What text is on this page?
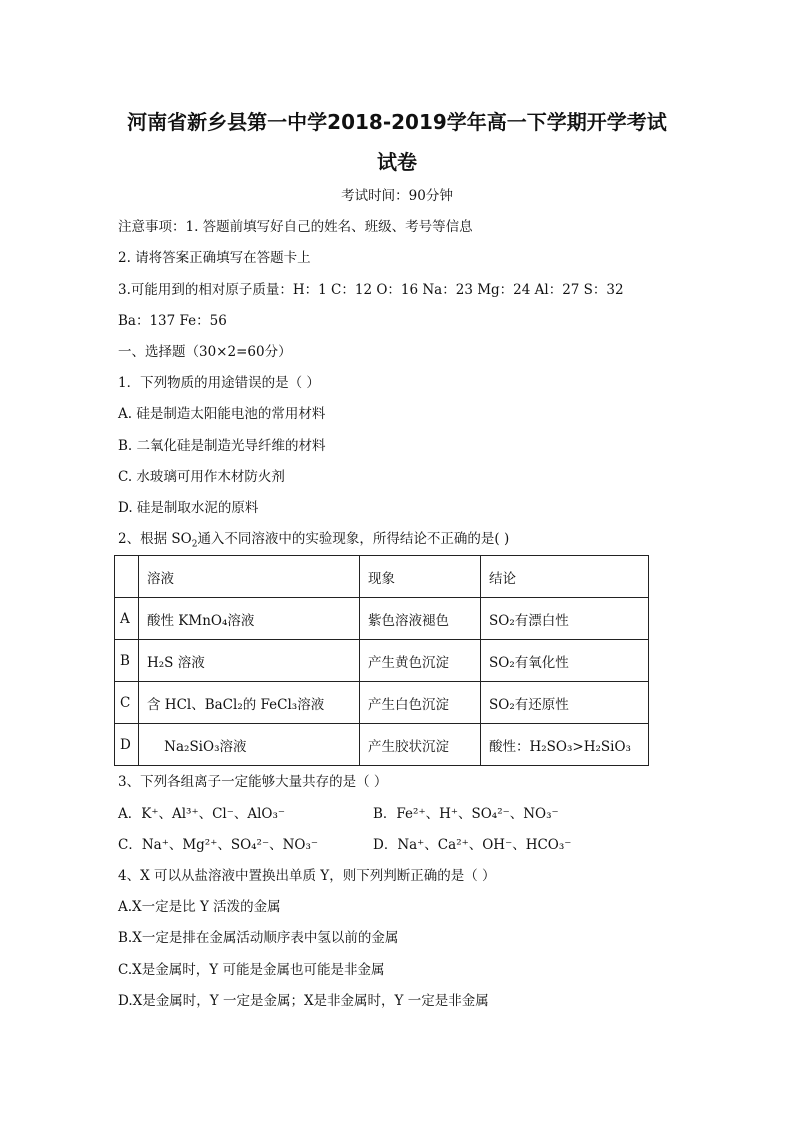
河南省新乡县第一中学2018-2019学年高一下学期开学考试
试卷
考试时间：90分钟
注意事项：1. 答题前填写好自己的姓名、班级、考号等信息
2. 请将答案正确填写在答题卡上
3.可能用到的相对原子质量：H：1 C：12 O：16 Na：23 Mg：24 Al：27 S：32
Ba：137 Fe：56
一、选择题（30×2=60分）
1．下列物质的用途错误的是（ ）
A. 硅是制造太阳能电池的常用材料
B. 二氧化硅是制造光导纤维的材料
C. 水玻璃可用作木材防火剂
D. 硅是制取水泥的原料
2、根据 $SO_2$通入不同溶液中的实验现象，所得结论不正确的是( )
	溶液	现象	结论
A	酸性 KMnO₄溶液	紫色溶液褪色	SO₂有漂白性
B	H₂S 溶液	产生黄色沉淀	SO₂有氧化性
C	含 HCl、BaCl₂的 FeCl₃溶液	产生白色沉淀	SO₂有还原性
D	Na₂SiO₃溶液	产生胶状沉淀	酸性：H₂SO₃>H₂SiO₃
3、下列各组离子一定能够大量共存的是（ ）
A．K⁺、Al³⁺、Cl⁻、AlO₃⁻	B．Fe²⁺、H⁺、SO₄²⁻、NO₃⁻
C．Na⁺、Mg²⁺、SO₄²⁻、NO₃⁻	D．Na⁺、Ca²⁺、OH⁻、HCO₃⁻
4、X 可以从盐溶液中置换出单质 Y，则下列判断正确的是（ ）
A.X一定是比 Y 活泼的金属
B.X一定是排在金属活动顺序表中氢以前的金属
C.X是金属时，Y 可能是金属也可能是非金属
D.X是金属时，Y 一定是金属；X是非金属时，Y 一定是非金属
